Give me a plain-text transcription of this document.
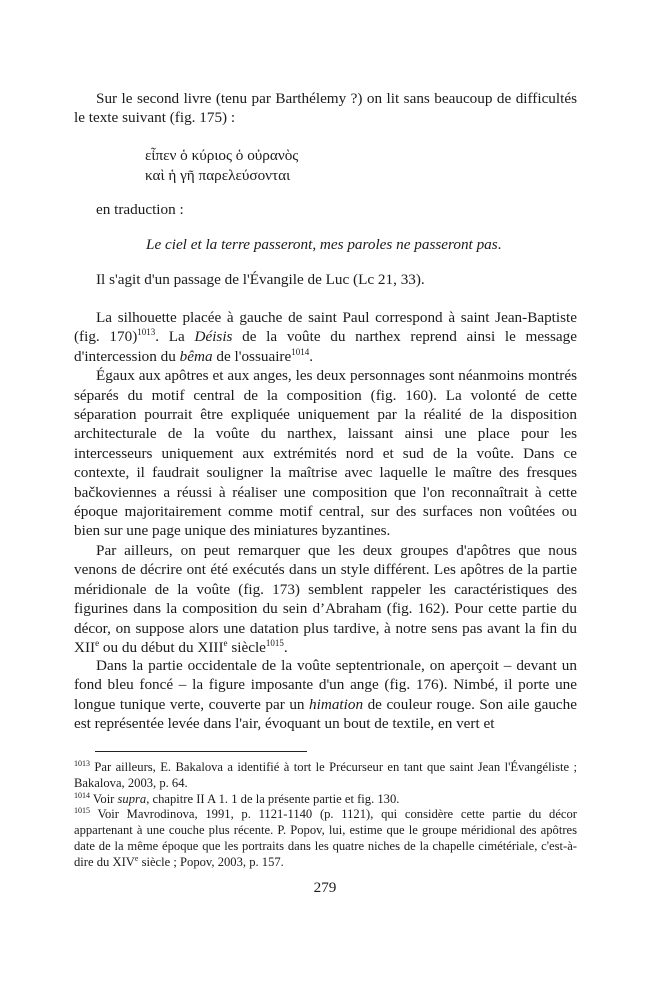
Sur le second livre (tenu par Barthélemy ?) on lit sans beaucoup de difficultés le texte suivant (fig. 175) :

εἶπεν ὁ κύριος ὁ οὐρανὸς
καὶ ἡ γῆ παρελεύσονται
en traduction :
Le ciel et la terre passeront, mes paroles ne passeront pas.
Il s'agit d'un passage de l'Évangile de Luc (Lc 21, 33).

La silhouette placée à gauche de saint Paul correspond à saint Jean-Baptiste (fig. 170)$^{1013}$. La Déisis de la voûte du narthex reprend ainsi le message d'intercession du bêma de l'ossuaire$^{1014}$.

Égaux aux apôtres et aux anges, les deux personnages sont néanmoins montrés séparés du motif central de la composition (fig. 160). La volonté de cette séparation pourrait être expliquée uniquement par la réalité de la disposition architecturale de la voûte du narthex, laissant ainsi une place pour les intercesseurs uniquement aux extrémités nord et sud de la voûte. Dans ce contexte, il faudrait souligner la maîtrise avec laquelle le maître des fresques bačkoviennes a réussi à réaliser une composition que l'on reconnaîtrait à cette époque majoritairement comme motif central, sur des surfaces non voûtées ou bien sur une page unique des miniatures byzantines.

Par ailleurs, on peut remarquer que les deux groupes d'apôtres que nous venons de décrire ont été exécutés dans un style différent. Les apôtres de la partie méridionale de la voûte (fig. 173) semblent rappeler les caractéristiques des figurines dans la composition du sein d’Abraham (fig. 162). Pour cette partie du décor, on suppose alors une datation plus tardive, à notre sens pas avant la fin du XIIe ou du début du XIIIe siècle$^{1015}$.

Dans la partie occidentale de la voûte septentrionale, on aperçoit – devant un fond bleu foncé – la figure imposante d'un ange (fig. 176). Nimbé, il porte une longue tunique verte, couverte par un himation de couleur rouge. Son aile gauche est représentée levée dans l'air, évoquant un bout de textile, en vert et

$^{1013}$ Par ailleurs, E. Bakalova a identifié à tort le Précurseur en tant que saint Jean l'Évangéliste ; Bakalova, 2003, p. 64.

$^{1014}$ Voir supra, chapitre II A 1. 1 de la présente partie et fig. 130.

$^{1015}$ Voir Mavrodinova, 1991, p. 1121-1140 (p. 1121), qui considère cette partie du décor appartenant à une couche plus récente. P. Popov, lui, estime que le groupe méridional des apôtres date de la même époque que les portraits dans les quatre niches de la chapelle cimétériale, c'est-à-dire du XIVe siècle ; Popov, 2003, p. 157.

279
